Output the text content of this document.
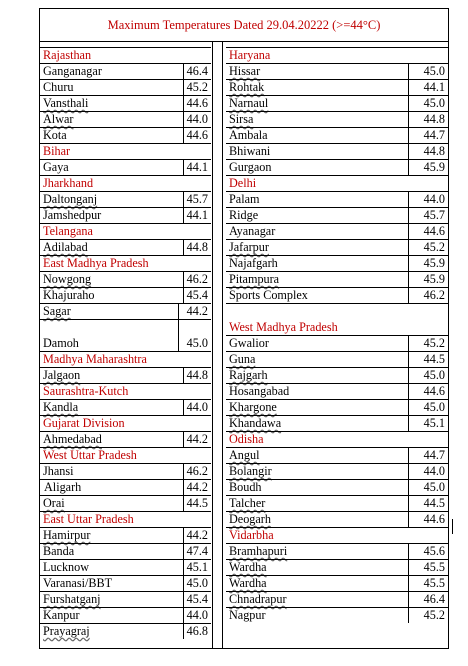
Maximum Temperatures Dated 29.04.20222 (>=44°C)
Rajasthan
Ganganagar	46.4
Churu	45.2
Vansthali	44.6
Alwar	44.0
Kota	44.6
Bihar
Gaya	44.1
Jharkhand
Daltonganj	45.7
Jamshedpur	44.1
Telangana
Adilabad	44.8
East Madhya Pradesh
Nowgong	46.2
Khajuraho	45.4
Sagar	44.2
Damoh	45.0
Madhya Maharashtra
Jalgaon	44.8
Saurashtra-Kutch
Kandla	44.0
Gujarat Division
Ahmedabad	44.2
West Uttar Pradesh
Jhansi	46.2
Aligarh	44.2
Orai	44.5
East Uttar Pradesh
Hamirpur	44.2
Banda	47.4
Lucknow	45.1
Varanasi/BBT	45.0
Furshatganj	45.4
Kanpur	44.0
Prayagraj	46.8
Haryana
Hissar	45.0
Rohtak	44.1
Narnaul	45.0
Sirsa	44.8
Ambala	44.7
Bhiwani	44.8
Gurgaon	45.9
Delhi
Palam	44.0
Ridge	45.7
Ayanagar	44.6
Jafarpur	45.2
Najafgarh	45.9
Pitampura	45.9
Sports Complex	46.2
West Madhya Pradesh
Gwalior	45.2
Guna	44.5
Rajgarh	45.0
Hosangabad	44.6
Khargone	45.0
Khandawa	45.1
Odisha
Angul	44.7
Bolangir	44.0
Boudh	45.0
Talcher	44.5
Deogarh	44.6
Vidarbha
Bramhapuri	45.6
Wardha	45.5
Wardha	45.5
Chnadrapur	46.4
Nagpur	45.2
